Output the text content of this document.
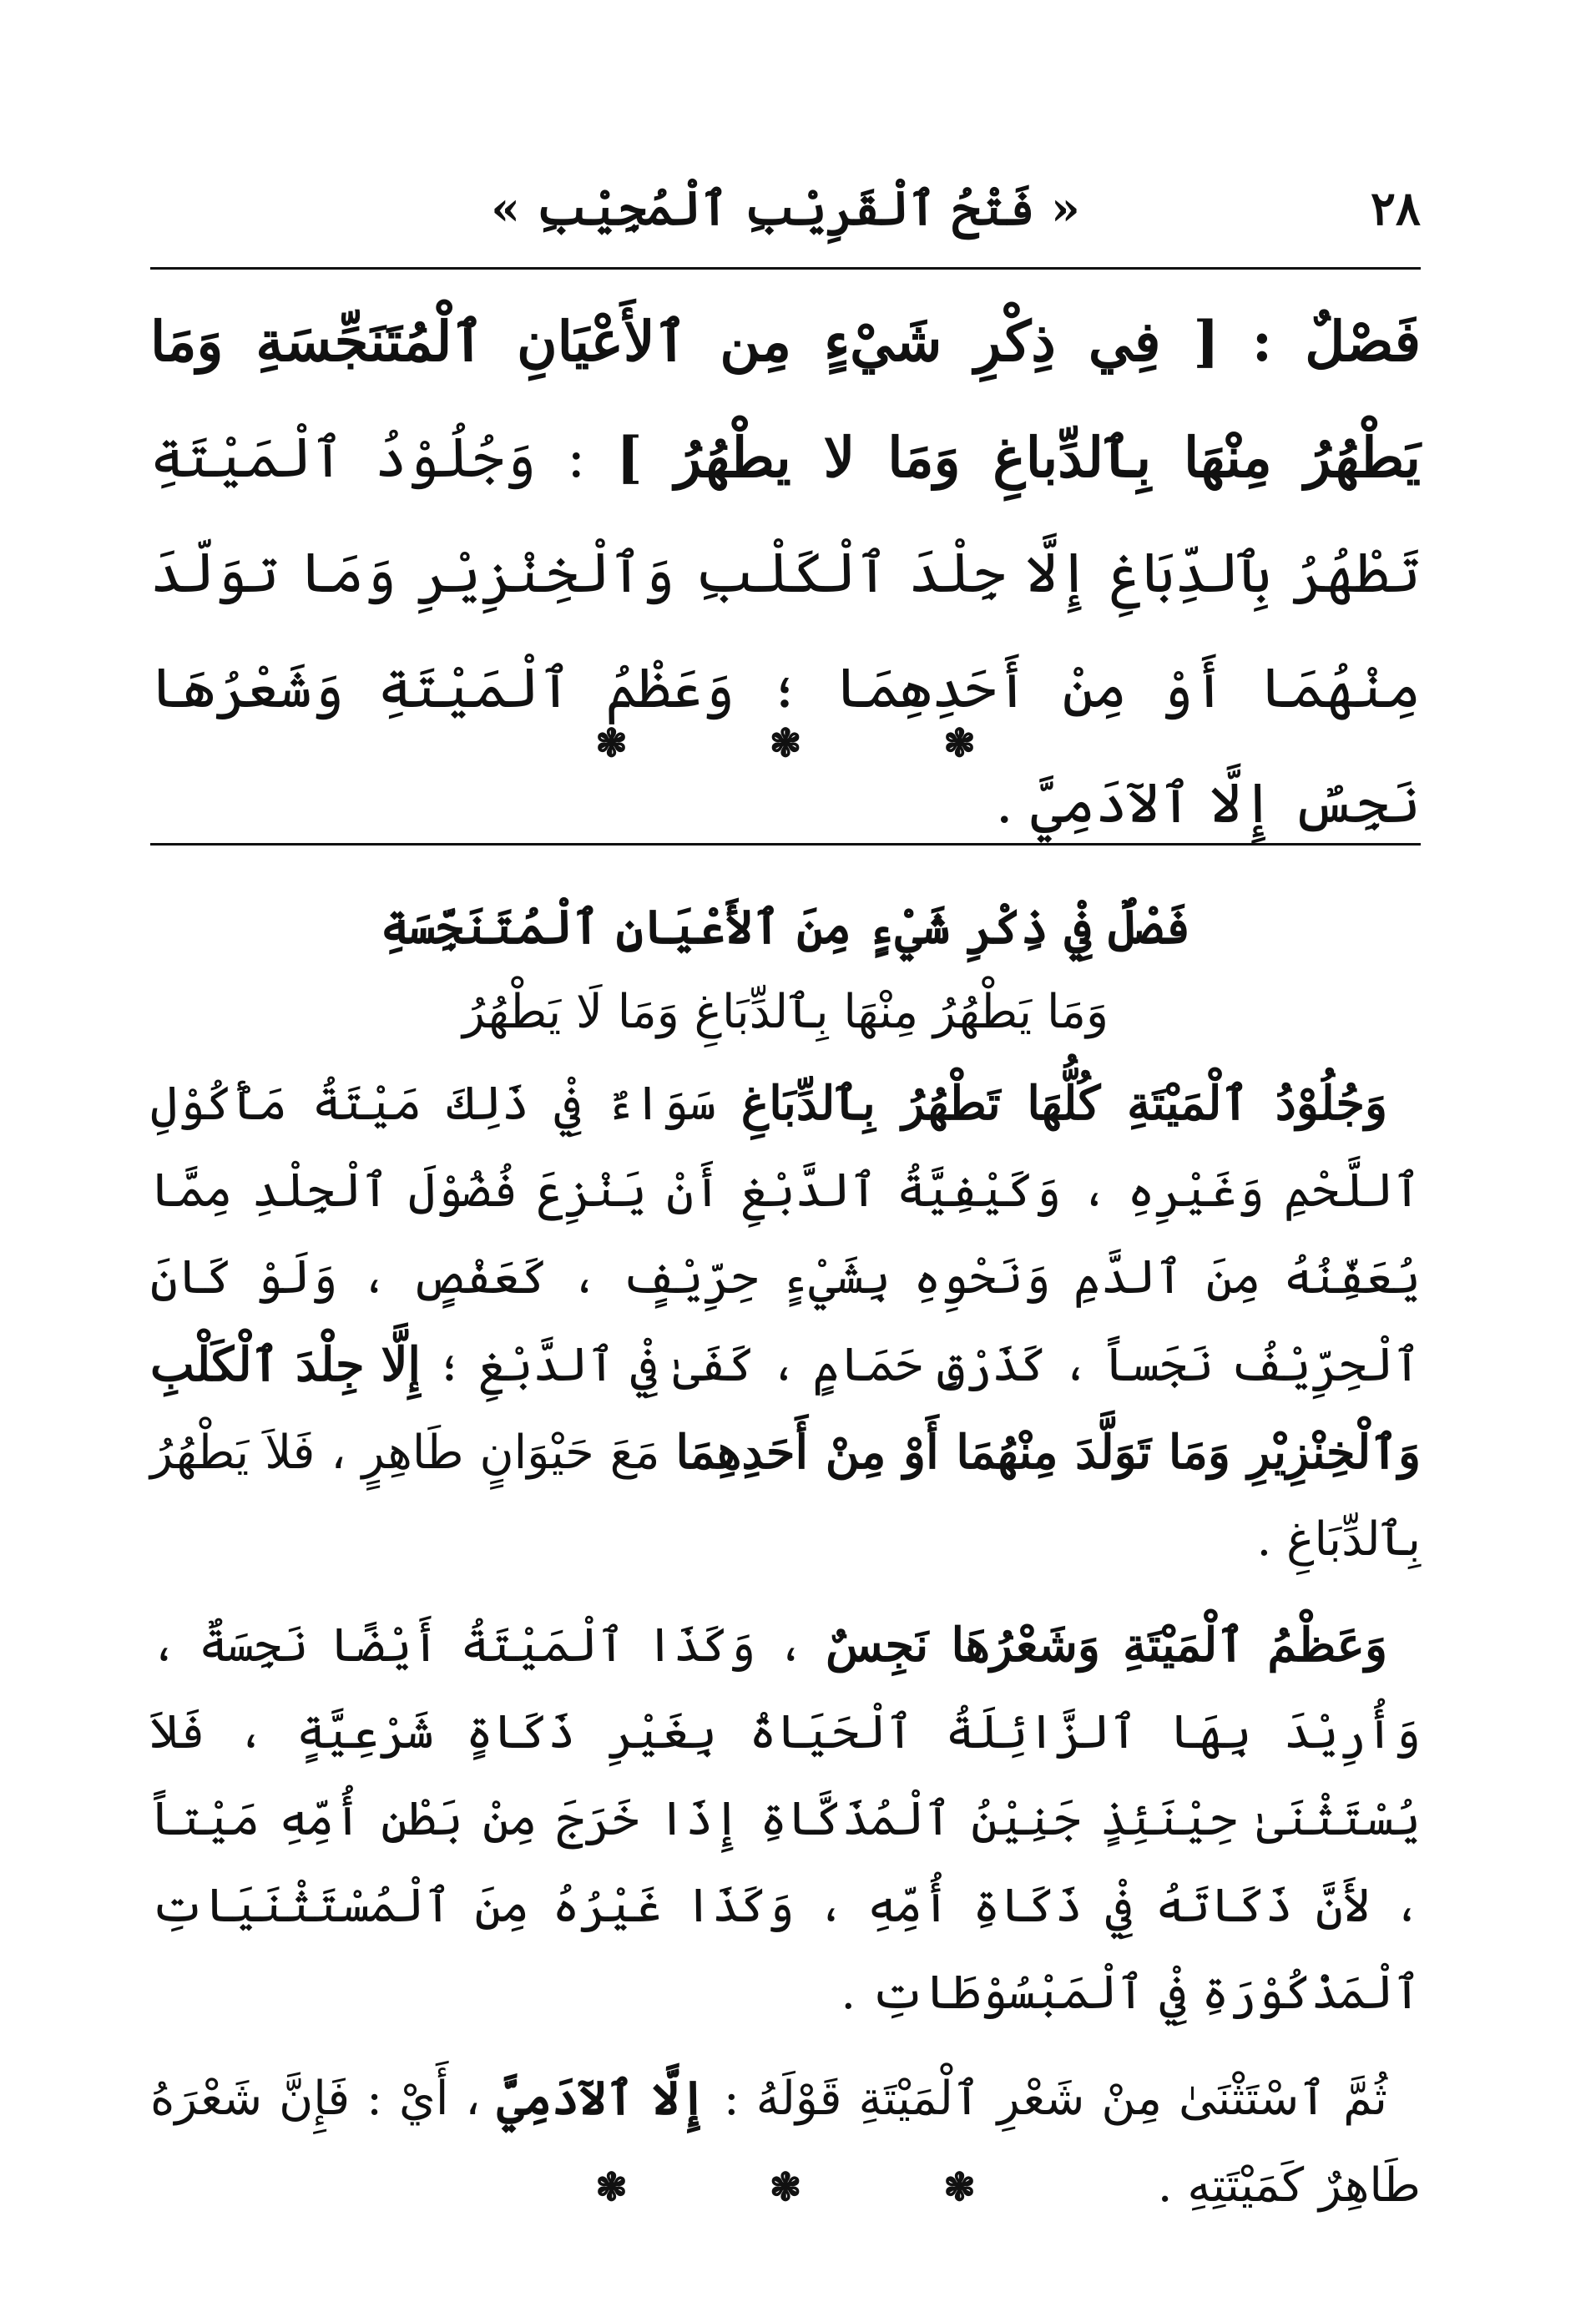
٢٨
« فَتْحُ ٱلْقَرِيْبِ ٱلْمُجِيْبِ »
فَصْلٌ : [ فِي ذِكْرِ شَيْءٍ مِن ٱلأَعْيَانِ ٱلْمُتَنَجِّسَةِ وَمَا يَطْهُرُ مِنْهَا بِٱلدِّباغِ وَمَا لا يطْهُرُ ] : وَجُلُوْدُ ٱلْمَيْتَةِ تَطْهُرُ بِٱلدِّبَاغِ إِلَّا جِلْدَ ٱلْكَلْبِ وَٱلْخِنْزِيْرِ وَمَا توَلّدَ مِنْهُمَا أَوْ مِنْ أَحَدِهِمَا ؛ وَعَظْمُ ٱلْمَيْتَةِ وَشَعْرُهَا نَجِسٌ إِلَّا ٱلآدَمِيَّ .
❃
❃
❃
فَصْلٌ فِيْ ذِكْرِ شَيْءٍ مِنَ ٱلأَعْيَانِ ٱلْمُتَنَجِّسَةِ
وَمَا يَطْهُرُ مِنْهَا بِٱلدِّبَاغِ وَمَا لَا يَطْهُرُ

وَجُلُوْدُ ٱلْمَيْتَةِ كُلُّهَا تَطْهُرُ بِٱلدِّبَاغِ سَوَاءٌ فِيْ ذَلِكَ مَيْتَةُ مَأْكُوْلِ ٱللَّحْمِ وَغَيْرِهِ ، وَكَيْفِيَّةُ ٱلدَّبْغِ أَنْ يَنْزِعَ فُضُوْلَ ٱلْجِلْدِ مِمَّا يُعَفِّنُهُ مِنَ ٱلدَّمِ وَنَحْوِهِ بِشَيْءٍ حِرِّيْفٍ ، كَعَفْصٍ ، وَلَوْ كَانَ ٱلْحِرِّيْفُ نَجَساً ، كَذَرْقِ حَمَامٍ ، كَفَىٰ فِيْ ٱلدَّبْغِ ؛ إِلَّا جِلْدَ ٱلْكَلْبِ وَٱلْخِنْزِيْرِ وَمَا تَوَلَّدَ مِنْهُمَا أَوْ مِنْ أَحَدِهِمَا مَعَ حَيْوَانٍ طَاهِرٍ ، فَلاَ يَطْهُرُ بِٱلدِّبَاغِ .

وَعَظْمُ ٱلْمَيْتَةِ وَشَعْرُهَا نَجِسٌ ، وَكَذَا ٱلْمَيْتَةُ أَيْضًا نَجِسَةٌ ، وَأُرِيْدَ بِهَا ٱلزَّائِلَةُ ٱلْحَيَاةُ بِغَيْرِ ذَكَاةٍ شَرْعِيَّةٍ ، فَلاَ يُسْتَثْنَىٰ حِيْنَئِذٍ جَنِيْنُ ٱلْمُذَكَّاةِ إِذَا خَرَجَ مِنْ بَطْنِ أُمِّهِ مَيْتاً ، لأَنَّ ذَكَاتَهُ فِيْ ذَكَاةِ أُمِّهِ ، وَكَذَا غَيْرُهُ مِنَ ٱلْمُسْتَثْنَيَاتِ ٱلْمَذْكُوْرَةِ فِيْ ٱلْمَبْسُوْطَاتِ .

ثُمَّ ٱسْتَثْنَىٰ مِنْ شَعْرِ ٱلْمَيْتَةِ قَوْلَهُ : إِلَّا ٱلآدَمِيَّ ، أَيْ : فَإِنَّ شَعْرَهُ طَاهِرٌ كَمَيْتَتِهِ .

❃
❃
❃
